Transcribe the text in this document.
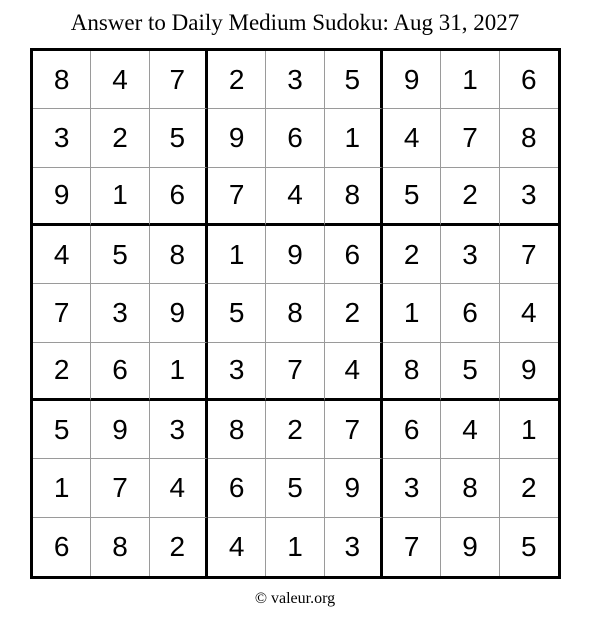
Answer to Daily Medium Sudoku: Aug 31, 2027
8	4	7	2	3	5	9	1	6
3	2	5	9	6	1	4	7	8
9	1	6	7	4	8	5	2	3
4	5	8	1	9	6	2	3	7
7	3	9	5	8	2	1	6	4
2	6	1	3	7	4	8	5	9
5	9	3	8	2	7	6	4	1
1	7	4	6	5	9	3	8	2
6	8	2	4	1	3	7	9	5
© valeur.org
